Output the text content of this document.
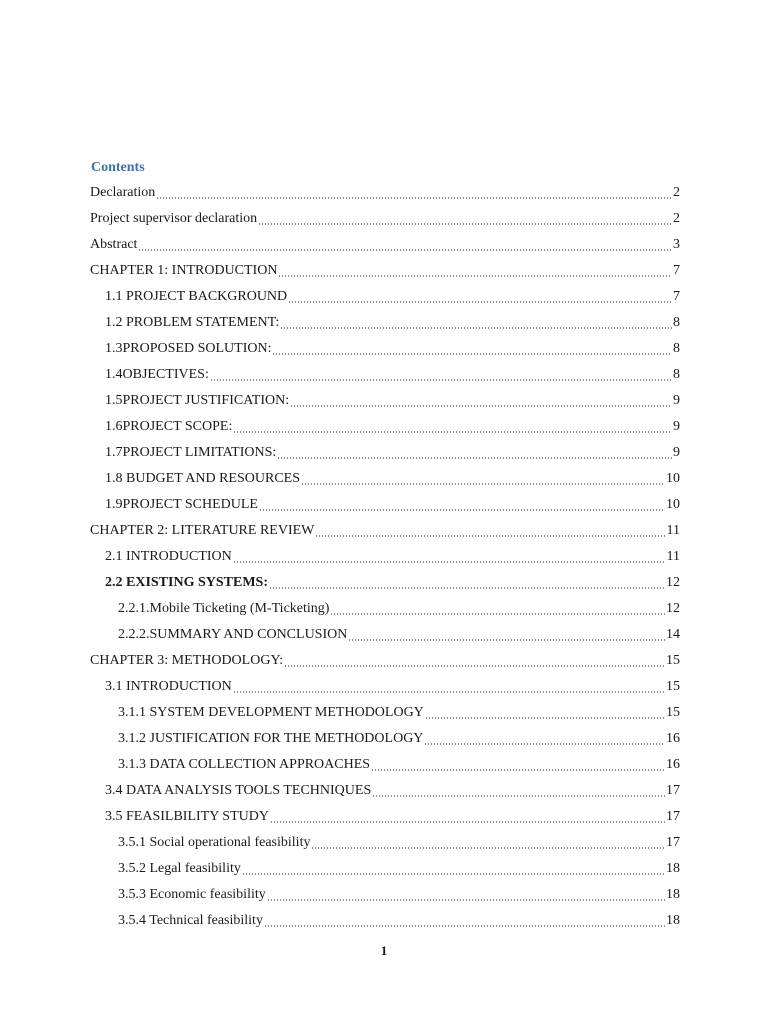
Contents
Declaration	2
Project supervisor declaration	2
Abstract	3
CHAPTER 1: INTRODUCTION	7
1.1 PROJECT BACKGROUND	7
1.2 PROBLEM STATEMENT:	8
1.3PROPOSED SOLUTION:	8
1.4OBJECTIVES:	8
1.5PROJECT JUSTIFICATION:	9
1.6PROJECT SCOPE:	9
1.7PROJECT LIMITATIONS:	9
1.8 BUDGET AND RESOURCES	10
1.9PROJECT SCHEDULE	10
CHAPTER 2: LITERATURE REVIEW	11
2.1 INTRODUCTION	11
2.2 EXISTING SYSTEMS:	12
2.2.1.Mobile Ticketing (M-Ticketing)	12
2.2.2.SUMMARY AND CONCLUSION	14
CHAPTER 3: METHODOLOGY:	15
3.1 INTRODUCTION	15
3.1.1 SYSTEM DEVELOPMENT METHODOLOGY	15
3.1.2 JUSTIFICATION FOR THE METHODOLOGY	16
3.1.3 DATA COLLECTION APPROACHES	16
3.4 DATA ANALYSIS TOOLS TECHNIQUES	17
3.5 FEASILBILITY STUDY	17
3.5.1 Social operational feasibility	17
3.5.2 Legal feasibility	18
3.5.3 Economic feasibility	18
3.5.4 Technical feasibility	18
1
